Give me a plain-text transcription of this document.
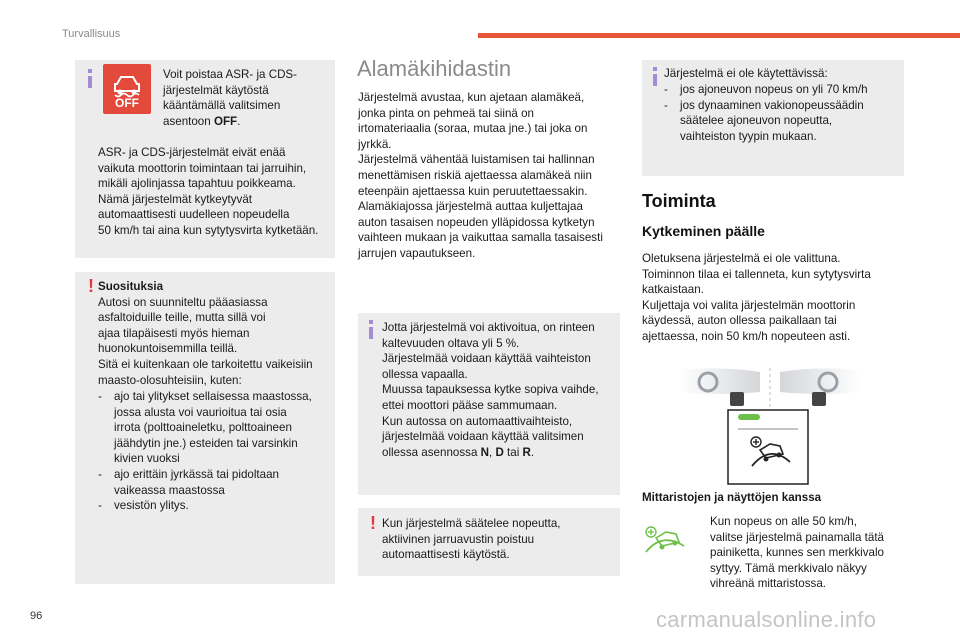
Turvallisuus
OFF
Voit poistaa ASR- ja CDS-
järjestelmät käytöstä
kääntämällä valitsimen
asentoon OFF.
ASR- ja CDS-järjestelmät eivät enää
vaikuta moottorin toimintaan tai jarruihin,
mikäli ajolinjassa tapahtuu poikkeama.
Nämä järjestelmät kytkeytyvät
automaattisesti uudelleen nopeudella
50 km/h tai aina kun sytytysvirta kytketään.
! Suosituksia
Autosi on suunniteltu pääasiassa
asfaltoiduille teille, mutta sillä voi
ajaa tilapäisesti myös hieman
huonokuntoisemmilla teillä.
Sitä ei kuitenkaan ole tarkoitettu vaikeisiin
maasto-olosuhteisiin, kuten:
- ajo tai ylitykset sellaisessa maastossa,
jossa alusta voi vaurioitua tai osia
irrota (polttoaineletku, polttoaineen
jäähdytin jne.) esteiden tai varsinkin
kivien vuoksi
- ajo erittäin jyrkässä tai pidoltaan
vaikeassa maastossa
- vesistön ylitys.
Alamäkihidastin
Järjestelmä avustaa, kun ajetaan alamäkeä,
jonka pinta on pehmeä tai siinä on
irtomateriaalia (soraa, mutaa jne.) tai joka on
jyrkkä.
Järjestelmä vähentää luistamisen tai hallinnan
menettämisen riskiä ajettaessa alamäkeä niin
eteenpäin ajettaessa kuin peruutettaessakin.
Alamäkiajossa järjestelmä auttaa kuljettajaa
auton tasaisen nopeuden ylläpidossa kytketyn
vaihteen mukaan ja vaikuttaa samalla tasaisesti
jarrujen vapautukseen.
Jotta järjestelmä voi aktivoitua, on rinteen
kaltevuuden oltava yli 5 %.
Järjestelmää voidaan käyttää vaihteiston
ollessa vapaalla.
Muussa tapauksessa kytke sopiva vaihde,
ettei moottori pääse sammumaan.
Kun autossa on automaattivaihteisto,
järjestelmää voidaan käyttää valitsimen
ollessa asennossa N, D tai R.
! Kun järjestelmä säätelee nopeutta,
aktiivinen jarruavustin poistuu
automaattisesti käytöstä.
Järjestelmä ei ole käytettävissä:
- jos ajoneuvon nopeus on yli 70 km/h
- jos dynaaminen vakionopeussäädin
säätelee ajoneuvon nopeutta,
vaihteiston tyypin mukaan.
Toiminta
Kytkeminen päälle
Oletuksena järjestelmä ei ole valittuna.
Toiminnon tilaa ei tallenneta, kun sytytysvirta
katkaistaan.
Kuljettaja voi valita järjestelmän moottorin
käydessä, auton ollessa paikallaan tai
ajettaessa, noin 50 km/h nopeuteen asti.
Mittaristojen ja näyttöjen kanssa
Kun nopeus on alle 50 km/h,
valitse järjestelmä painamalla tätä
painiketta, kunnes sen merkkivalo
syttyy. Tämä merkkivalo näkyy
vihreänä mittaristossa.
96	carmanualsonline.info
